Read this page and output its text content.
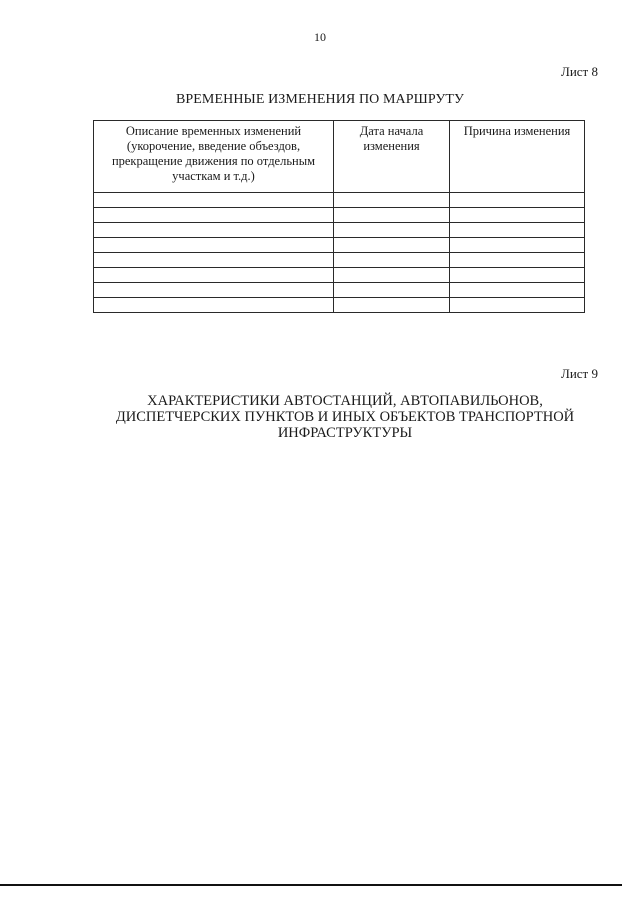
10
Лист 8
ВРЕМЕННЫЕ ИЗМЕНЕНИЯ ПО МАРШРУТУ
Описание временных изменений (укорочение, введение объездов, прекращение движения по отдельным участкам и т.д.)	Дата начала изменения	Причина изменения

Лист 9
ХАРАКТЕРИСТИКИ АВТОСТАНЦИЙ, АВТОПАВИЛЬОНОВ,
ДИСПЕТЧЕРСКИХ ПУНКТОВ И ИНЫХ ОБЪЕКТОВ ТРАНСПОРТНОЙ
ИНФРАСТРУКТУРЫ
